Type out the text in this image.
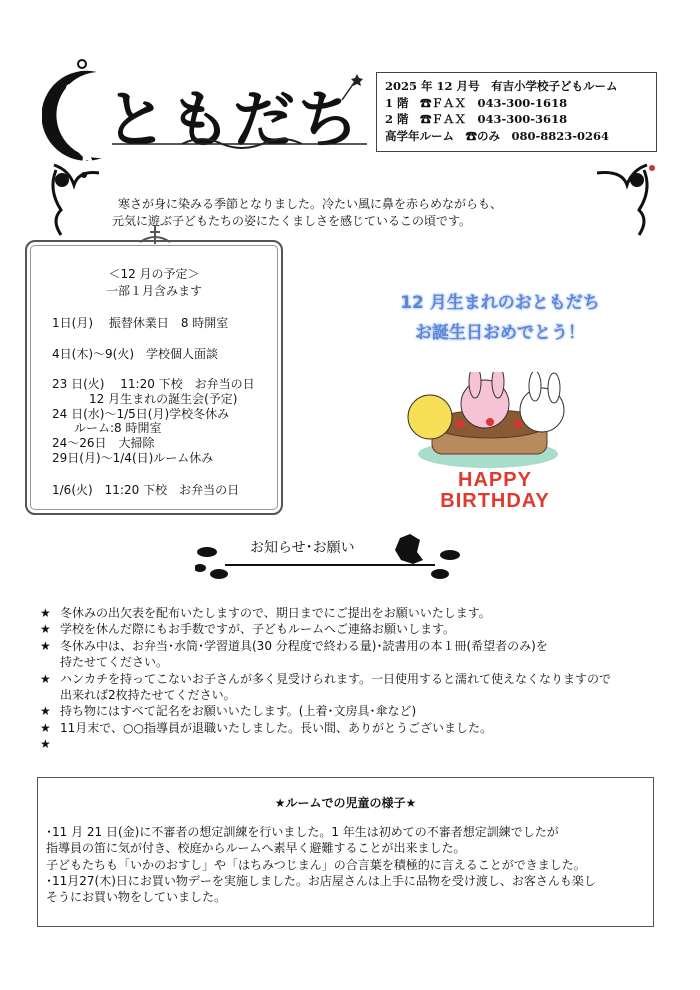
ともだち 2025 年 12 月号　有吉小学校子どもルーム
1 階　☎ＦＡＸ　043-300-1618
2 階　☎ＦＡＸ　043-300-3618
高学年ルーム　☎のみ　080-8823-0264
寒さが身に染みる季節となりました。冷たい風に鼻を赤らめながらも、
元気に遊ぶ子どもたちの姿にたくましさを感じているこの頃です。
＜12 月の予定＞
一部１月含みます
1日(月)　 振替休業日　8 時開室
4日(木)～9(火)　学校個人面談
23 日(火)　 11:20 下校　お弁当の日
12 月生まれの誕生会(予定)
24 日(水)～1/5日(月)学校冬休み
ルーム:8 時開室
24～26日　大掃除
29日(月)～1/4(日)ルーム休み
1/6(火)　11:20 下校　お弁当の日
12 月生まれのおともだち
お誕生日おめでとう！
HAPPY
BIRTHDAY
お知らせ･お願い
★ 冬休みの出欠表を配布いたしますので、期日までにご提出をお願いいたします。
★ 学校を休んだ際にもお手数ですが、子どもルームへご連絡お願いします。
★ 冬休み中は、お弁当･水筒･学習道具(30 分程度で終わる量)･読書用の本１冊(希望者のみ)を
持たせてください。
★ ハンカチを持ってこないお子さんが多く見受けられます。一日使用すると濡れて使えなくなりますので
出来れば2枚持たせてください。
★ 持ち物にはすべて記名をお願いいたします。(上着･文房具･傘など)
★ 11月末で、○○指導員が退職いたしました。長い間、ありがとうございました。
★
★ルームでの児童の様子★
･11 月 21 日(金)に不審者の想定訓練を行いました。1 年生は初めての不審者想定訓練でしたが
指導員の笛に気が付き、校庭からルームへ素早く避難することが出来ました。
子どもたちも「いかのおすし」や「はちみつじまん」の合言葉を積極的に言えることができました。
･11月27(木)日にお買い物デーを実施しました。お店屋さんは上手に品物を受け渡し、お客さんも楽し
そうにお買い物をしていました。
